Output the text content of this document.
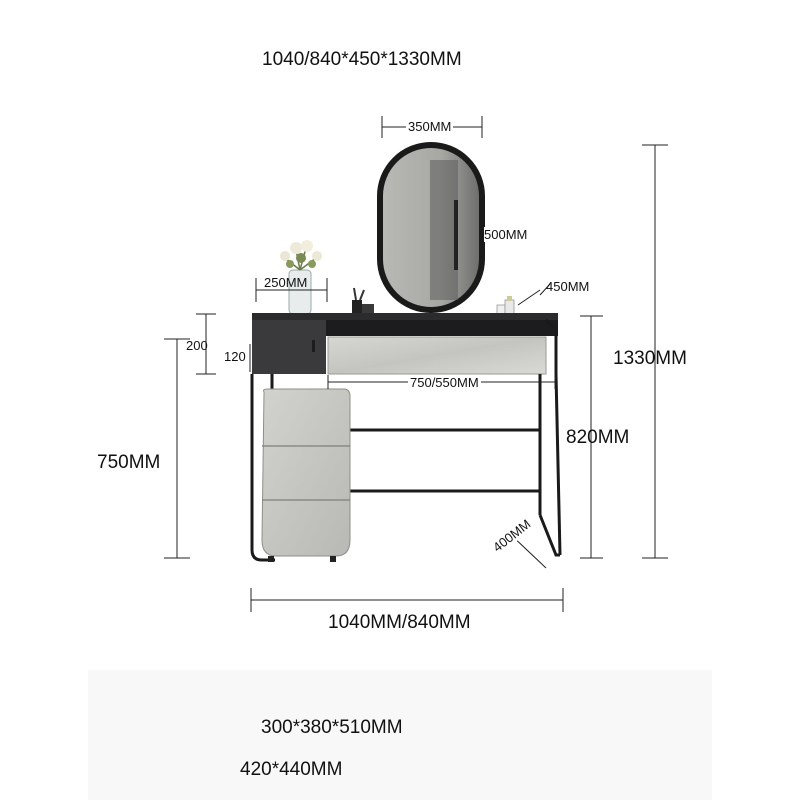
1040/840*450*1330MM
350MM
500MM
250MM	450MM
1330MM
200
120
750/550MM
750MM
820MM
400MM
1040MM/840MM
300*380*510MM
420*440MM
